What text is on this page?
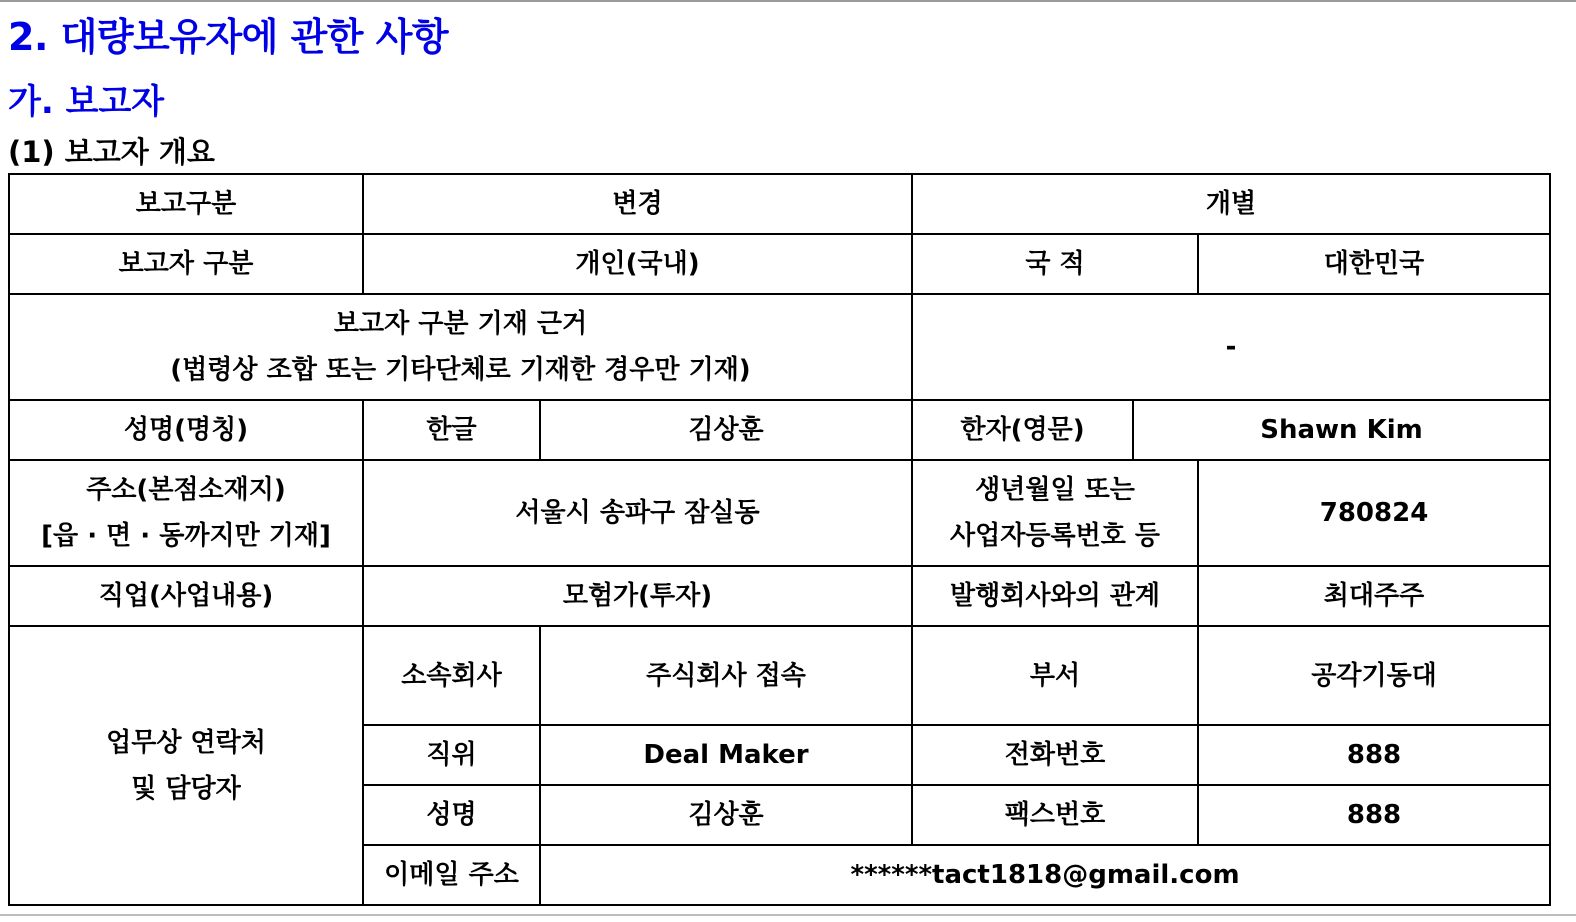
2. 대량보유자에 관한 사항
가. 보고자
(1) 보고자 개요
보고구분	변경		개별		
보고자 구분	개인(국내)		국 적		대한민국

보고자 구분 기재 근거
(법령상 조합 또는 기타단체로 기재한 경우만 기재)			-		
성명(명칭)	한글	김상훈	한자(영문)	Shawn Kim	

주소(본점소재지)
[읍 · 면 · 동까지만 기재]	서울시 송파구 잠실동		생년월일 또는
사업자등록번호 등		780824
직업(사업내용)	모험가(투자)		발행회사와의 관계		최대주주

업무상 연락처
및 담당자	소속회사	주식회사 접속	부서		공각기동대
	직위	Deal Maker	전화번호		888
	성명	김상훈	팩스번호		888
	이메일 주소	******tact1818@gmail.com			
